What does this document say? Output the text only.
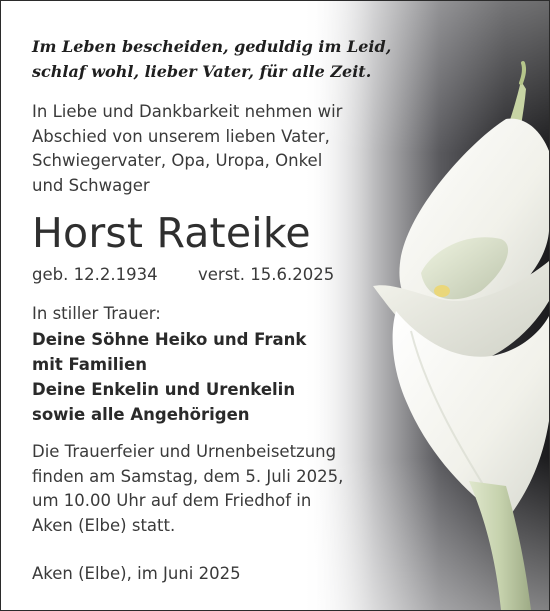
Im Leben bescheiden, geduldig im Leid,
schlaf wohl, lieber Vater, für alle Zeit.
In Liebe und Dankbarkeit nehmen wir
Abschied von unserem lieben Vater,
Schwiegervater, Opa, Uropa, Onkel
und Schwager
Horst Rateike
geb. 12.2.1934 verst. 15.6.2025
In stiller Trauer:
Deine Söhne Heiko und Frank
mit Familien
Deine Enkelin und Urenkelin
sowie alle Angehörigen
Die Trauerfeier und Urnenbeisetzung
finden am Samstag, dem 5. Juli 2025,
um 10.00 Uhr auf dem Friedhof in
Aken (Elbe) statt.
Aken (Elbe), im Juni 2025
